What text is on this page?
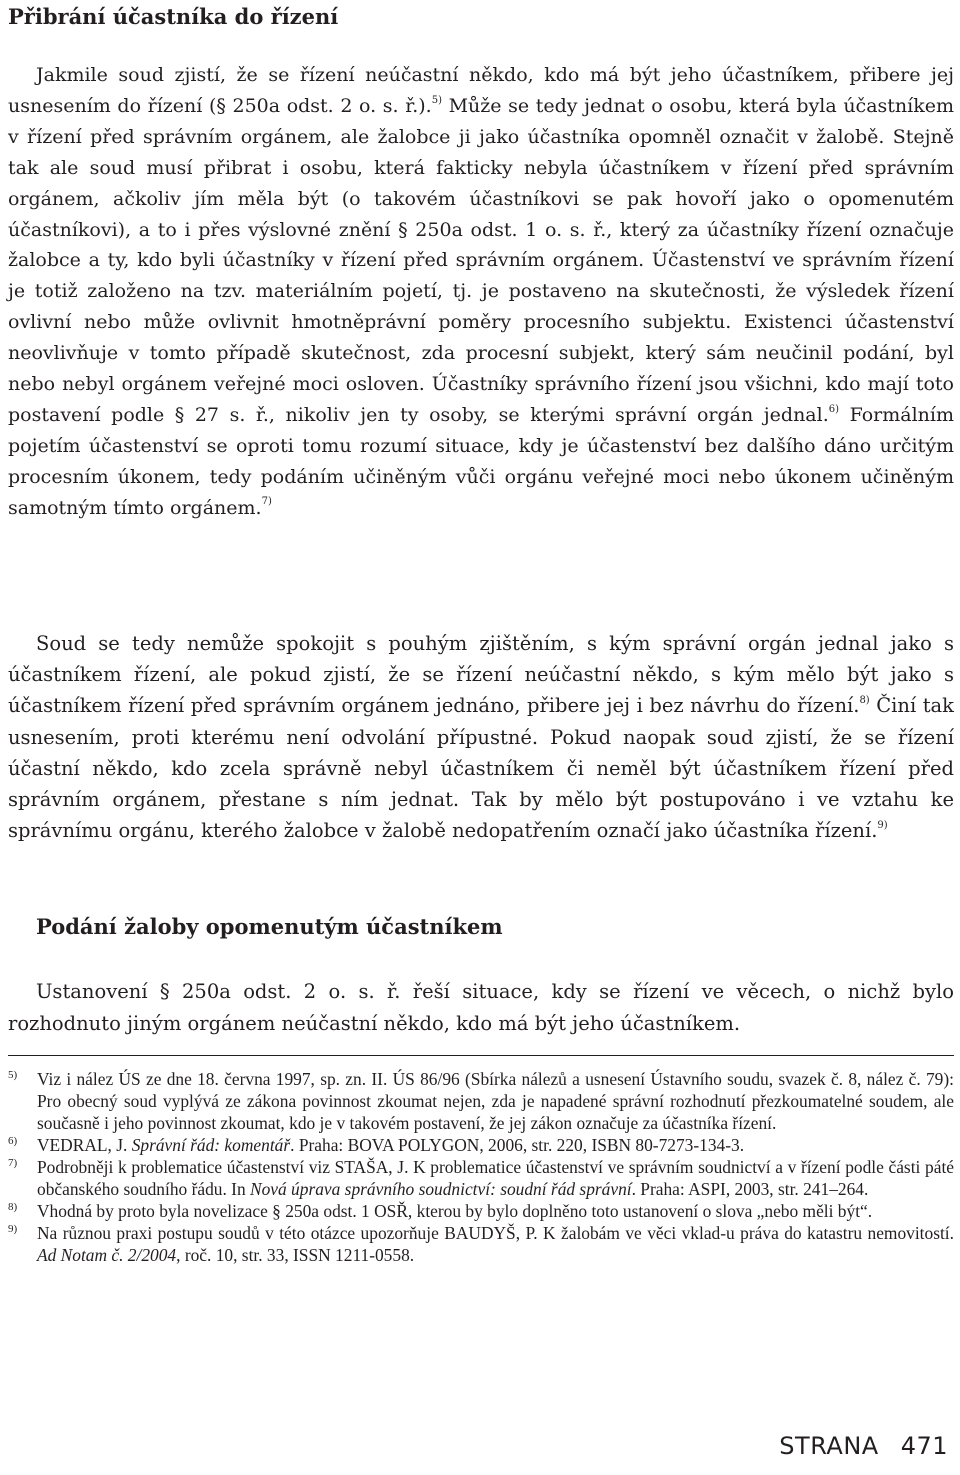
Přibrání účastníka do řízení

Jakmile soud zjistí, že se řízení neúčastní někdo, kdo má být jeho účastníkem, přibere jej usnesením do řízení (§ 250a odst. 2 o. s. ř.).$^{5)}$ Může se tedy jednat o osobu, která byla účastníkem v řízení před správním orgánem, ale žalobce ji jako účastníka opomněl označit v žalobě. Stejně tak ale soud musí přibrat i osobu, která fakticky nebyla účastníkem v řízení před správním orgánem, ačkoliv jím měla být (o takovém účastníkovi se pak hovoří jako o opomenutém účastníkovi), a to i přes výslovné znění § 250a odst. 1 o. s. ř., který za účastníky řízení označuje žalobce a ty, kdo byli účastníky v řízení před správním orgánem. Účastenství ve správním řízení je totiž založeno na tzv. materiálním pojetí, tj. je postaveno na skutečnosti, že výsledek řízení ovlivní nebo může ovlivnit hmotněprávní poměry procesního subjektu. Existenci účastenství neovlivňuje v tomto případě skutečnost, zda procesní subjekt, který sám neučinil podání, byl nebo nebyl orgánem veřejné moci osloven. Účastníky správního řízení jsou všichni, kdo mají toto postavení podle § 27 s. ř., nikoliv jen ty osoby, se kterými správní orgán jednal.$^{6)}$ Formálním pojetím účastenství se oproti tomu rozumí situace, kdy je účastenství bez dalšího dáno určitým procesním úkonem, tedy podáním učiněným vůči orgánu veřejné moci nebo úkonem učiněným samotným tímto orgánem.$^{7)}$

Soud se tedy nemůže spokojit s pouhým zjištěním, s kým správní orgán jednal jako s účastníkem řízení, ale pokud zjistí, že se řízení neúčastní někdo, s kým mělo být jako s účastníkem řízení před správním orgánem jednáno, přibere jej i bez návrhu do řízení.$^{8)}$ Činí tak usnesením, proti kterému není odvolání přípustné. Pokud naopak soud zjistí, že se řízení účastní někdo, kdo zcela správně nebyl účastníkem či neměl být účastníkem řízení před správním orgánem, přestane s ním jednat. Tak by mělo být postupováno i ve vztahu ke správnímu orgánu, kterého žalobce v žalobě nedopatřením označí jako účastníka řízení.$^{9)}$

Podání žaloby opomenutým účastníkem

Ustanovení § 250a odst. 2 o. s. ř. řeší situace, kdy se řízení ve věcech, o nichž bylo rozhodnuto jiným orgánem neúčastní někdo, kdo má být jeho účastníkem.

5) Viz i nález ÚS ze dne 18. června 1997, sp. zn. II. ÚS 86/96 (Sbírka nálezů a usnesení Ústavního soudu, svazek č. 8, nález č. 79): Pro obecný soud vyplývá ze zákona povinnost zkoumat nejen, zda je napadené správní rozhodnutí přezkoumatelné soudem, ale současně i jeho povinnost zkoumat, kdo je v takovém postavení, že jej zákon označuje za účastníka řízení.
6) VEDRAL, J. Správní řád: komentář. Praha: BOVA POLYGON, 2006, str. 220, ISBN 80-7273-134-3.
7) Podrobněji k problematice účastenství viz STAŠA, J. K problematice účastenství ve správním soudnictví a v řízení podle části páté občanského soudního řádu. In Nová úprava správního soudnictví: soudní řád správní. Praha: ASPI, 2003, str. 241–264.
8) Vhodná by proto byla novelizace § 250a odst. 1 OSŘ, kterou by bylo doplněno toto ustanovení o slova „nebo měli být“.
9) Na různou praxi postupu soudů v této otázce upozorňuje BAUDYŠ, P. K žalobám ve věci vklad-u práva do katastru nemovitostí. Ad Notam č. 2/2004, roč. 10, str. 33, ISSN 1211-0558.
STRANA 471
